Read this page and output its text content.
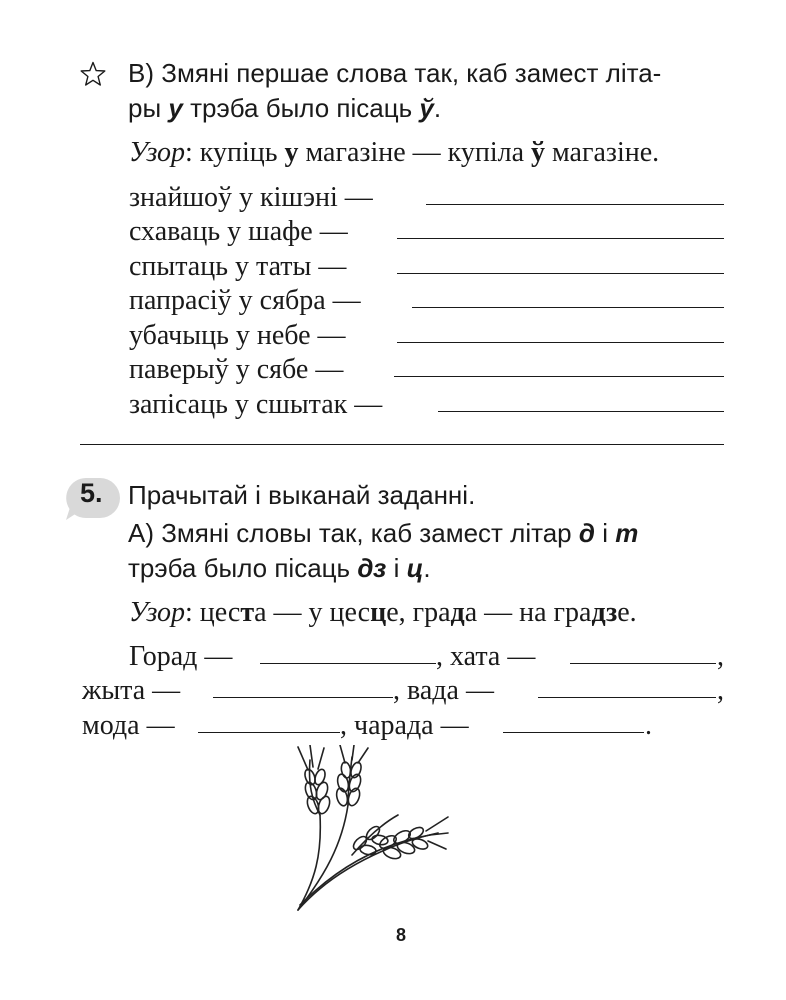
В) Змяні першае слова так, каб замест літа-
ры у трэба было пісаць ў.
Узор: купіць у магазіне — купіла ў магазіне.
знайшоў у кішэні —
схаваць у шафе —
спытаць у таты —
папрасіў у сябра —
убачыць у небе —
паверыў у сябе —
запісаць у сшытак —
5. Прачытай і выканай заданні.
А) Змяні словы так, каб замест літар д і т
трэба было пісаць дз і ц.
Узор: цеста — у цесце, града — на градзе.
Горад —	, хата —	,
жыта —	, вада —	,
мода —	, чарада —	.
8
